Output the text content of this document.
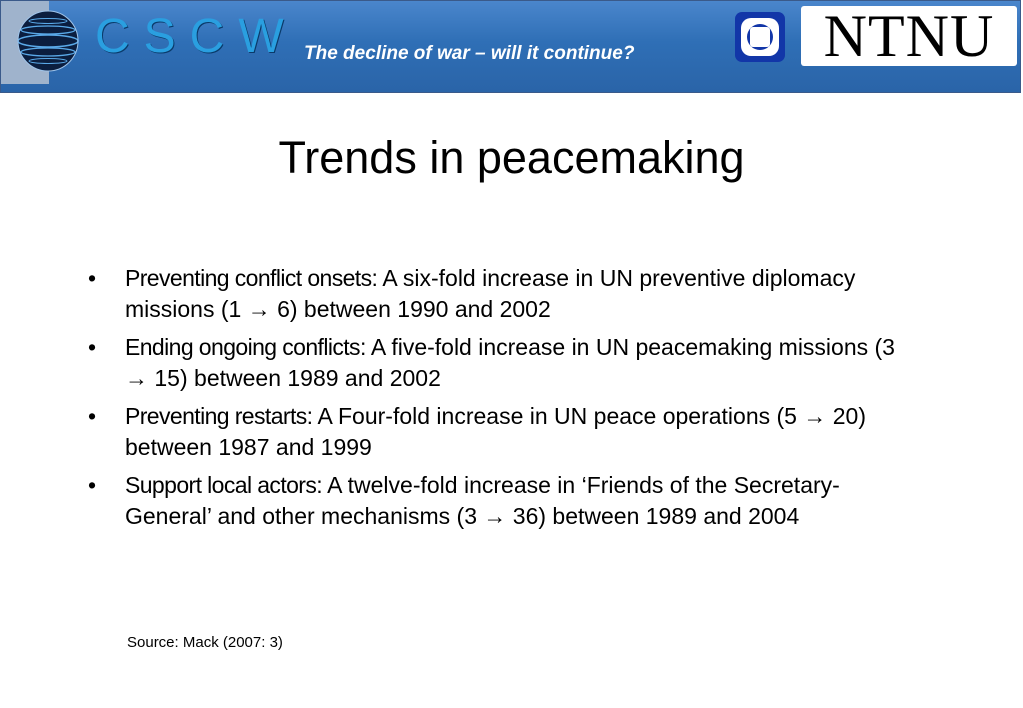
CSCW The decline of war – will it continue?	NTNU
Trends in peacemaking
•	Preventing conflict onsets: A six-fold increase in UN preventive diplomacy missions (1 → 6) between 1990 and 2002
•	Ending ongoing conflicts: A five-fold increase in UN peacemaking missions (3 → 15) between 1989 and 2002
•	Preventing restarts: A Four-fold increase in UN peace operations (5 → 20) between 1987 and 1999
•	Support local actors: A twelve-fold increase in ‘Friends of the Secretary-General’ and other mechanisms (3 → 36) between 1989 and 2004
Source: Mack (2007: 3)
